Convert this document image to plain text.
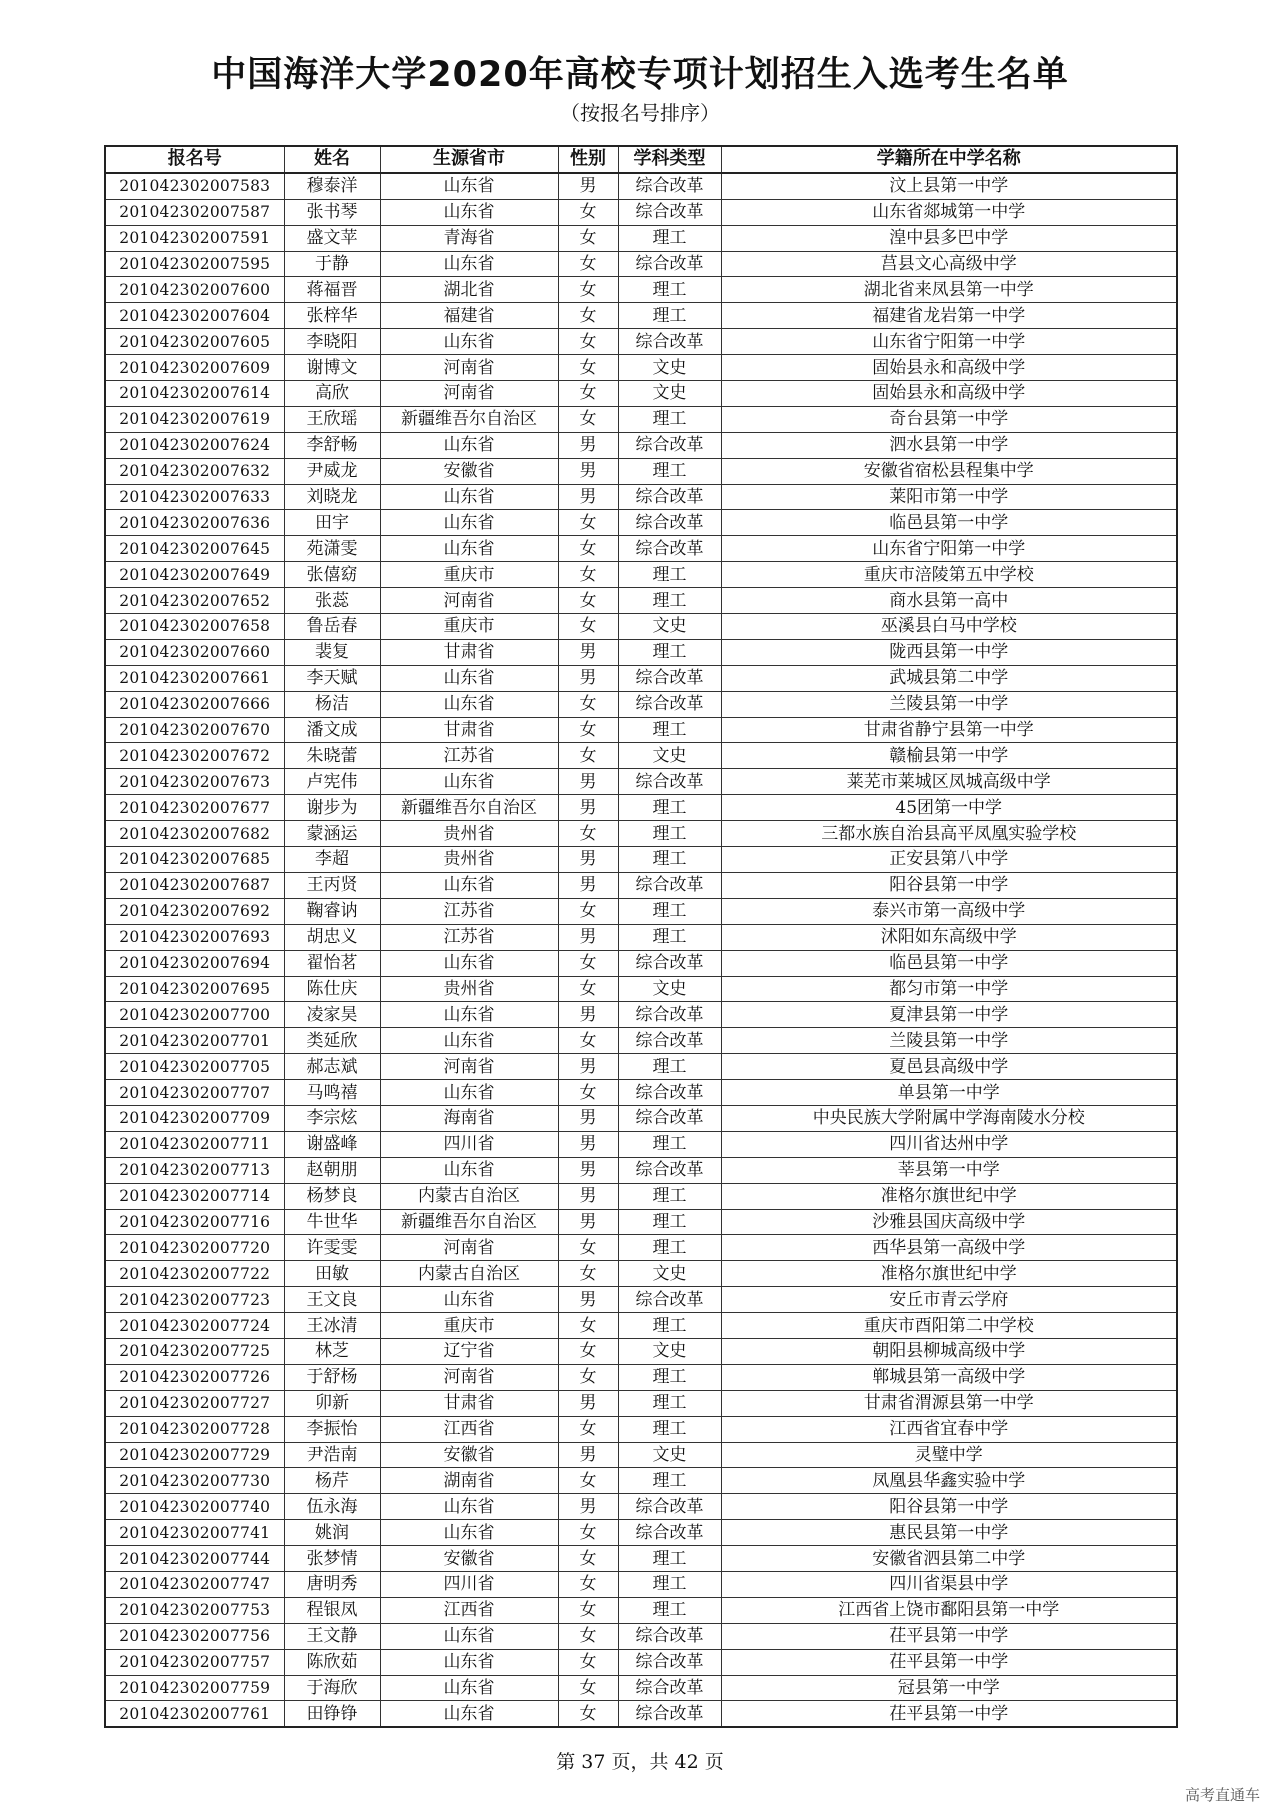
中国海洋大学2020年高校专项计划招生入选考生名单
（按报名号排序）
报名号	姓名	生源省市	性别	学科类型	学籍所在中学名称
201042302007583	穆泰洋	山东省	男	综合改革	汶上县第一中学
201042302007587	张书琴	山东省	女	综合改革	山东省郯城第一中学
201042302007591	盛文苹	青海省	女	理工	湟中县多巴中学
201042302007595	于静	山东省	女	综合改革	莒县文心高级中学
201042302007600	蒋福晋	湖北省	女	理工	湖北省来凤县第一中学
201042302007604	张梓华	福建省	女	理工	福建省龙岩第一中学
201042302007605	李晓阳	山东省	女	综合改革	山东省宁阳第一中学
201042302007609	谢博文	河南省	女	文史	固始县永和高级中学
201042302007614	高欣	河南省	女	文史	固始县永和高级中学
201042302007619	王欣瑶	新疆维吾尔自治区	女	理工	奇台县第一中学
201042302007624	李舒畅	山东省	男	综合改革	泗水县第一中学
201042302007632	尹威龙	安徽省	男	理工	安徽省宿松县程集中学
201042302007633	刘晓龙	山东省	男	综合改革	莱阳市第一中学
201042302007636	田宇	山东省	女	综合改革	临邑县第一中学
201042302007645	苑潇雯	山东省	女	综合改革	山东省宁阳第一中学
201042302007649	张僖窈	重庆市	女	理工	重庆市涪陵第五中学校
201042302007652	张蕊	河南省	女	理工	商水县第一高中
201042302007658	鲁岳春	重庆市	女	文史	巫溪县白马中学校
201042302007660	裴复	甘肃省	男	理工	陇西县第一中学
201042302007661	李天赋	山东省	男	综合改革	武城县第二中学
201042302007666	杨洁	山东省	女	综合改革	兰陵县第一中学
201042302007670	潘文成	甘肃省	女	理工	甘肃省静宁县第一中学
201042302007672	朱晓蕾	江苏省	女	文史	赣榆县第一中学
201042302007673	卢宪伟	山东省	男	综合改革	莱芜市莱城区凤城高级中学
201042302007677	谢步为	新疆维吾尔自治区	男	理工	45团第一中学
201042302007682	蒙涵运	贵州省	女	理工	三都水族自治县高平凤凰实验学校
201042302007685	李超	贵州省	男	理工	正安县第八中学
201042302007687	王丙贤	山东省	男	综合改革	阳谷县第一中学
201042302007692	鞠睿讷	江苏省	女	理工	泰兴市第一高级中学
201042302007693	胡忠义	江苏省	男	理工	沭阳如东高级中学
201042302007694	翟怡茗	山东省	女	综合改革	临邑县第一中学
201042302007695	陈仕庆	贵州省	女	文史	都匀市第一中学
201042302007700	凌家昊	山东省	男	综合改革	夏津县第一中学
201042302007701	类延欣	山东省	女	综合改革	兰陵县第一中学
201042302007705	郝志斌	河南省	男	理工	夏邑县高级中学
201042302007707	马鸣禧	山东省	女	综合改革	单县第一中学
201042302007709	李宗炫	海南省	男	综合改革	中央民族大学附属中学海南陵水分校
201042302007711	谢盛峰	四川省	男	理工	四川省达州中学
201042302007713	赵朝朋	山东省	男	综合改革	莘县第一中学
201042302007714	杨梦良	内蒙古自治区	男	理工	准格尔旗世纪中学
201042302007716	牛世华	新疆维吾尔自治区	男	理工	沙雅县国庆高级中学
201042302007720	许雯雯	河南省	女	理工	西华县第一高级中学
201042302007722	田敏	内蒙古自治区	女	文史	准格尔旗世纪中学
201042302007723	王文良	山东省	男	综合改革	安丘市青云学府
201042302007724	王冰清	重庆市	女	理工	重庆市酉阳第二中学校
201042302007725	林芝	辽宁省	女	文史	朝阳县柳城高级中学
201042302007726	于舒杨	河南省	女	理工	郸城县第一高级中学
201042302007727	卯新	甘肃省	男	理工	甘肃省渭源县第一中学
201042302007728	李振怡	江西省	女	理工	江西省宜春中学
201042302007729	尹浩南	安徽省	男	文史	灵璧中学
201042302007730	杨芹	湖南省	女	理工	凤凰县华鑫实验中学
201042302007740	伍永海	山东省	男	综合改革	阳谷县第一中学
201042302007741	姚润	山东省	女	综合改革	惠民县第一中学
201042302007744	张梦情	安徽省	女	理工	安徽省泗县第二中学
201042302007747	唐明秀	四川省	女	理工	四川省渠县中学
201042302007753	程银凤	江西省	女	理工	江西省上饶市鄱阳县第一中学
201042302007756	王文静	山东省	女	综合改革	茌平县第一中学
201042302007757	陈欣茹	山东省	女	综合改革	茌平县第一中学
201042302007759	于海欣	山东省	女	综合改革	冠县第一中学
201042302007761	田铮铮	山东省	女	综合改革	茌平县第一中学
第 37 页，共 42 页
高考直通车
